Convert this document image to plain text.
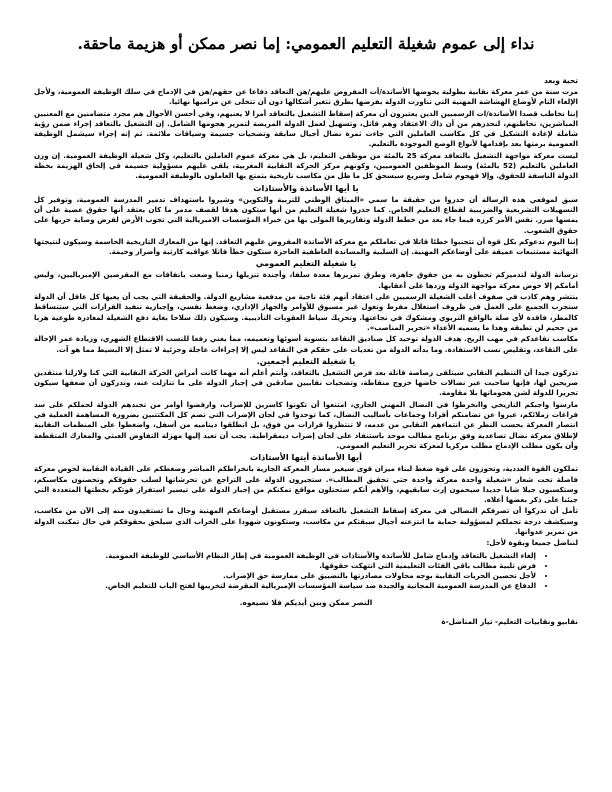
نداء إلى عموم شغيلة التعليم العمومي: إما نصر ممكن أو هزيمة ماحقة.
تحية وبعد

مرت سنة من عمر معركة نقابية بطولية يخوضها الأساتذة/أت المفروض عليهم/هن التعاقد دفاعا عن حقهم/هن في الإدماج في سلك الوظيفة العمومية، ولأجل الإلغاء التام لأوضاع الهشاشة المهنية التي تناورت الدولة بفرضها بطرق تتغير أشكالها دون أن تتخلى عن مراميها نهائيا.

إننا نخاطب قصدا الأساتذة/ات الرسميين الذين يعتبرون أن معركة إسقاط التشغيل بالتعاقد أمرا لا يعنيهم، وفي أحسن الأحوال هم مجرد متضامنين مع المعنيين المباشرين، نخاطبهم، لنحذرهم من أن ذاك الاعتقاد وهم قاتل، وتسهيل لعمل الدولة المريضة لتمرير هجومها الشامل. إن التشغيل بالتعاقد إجراء ضمن رؤية شاملة لإعادة التشكيل في كل مكاسب العاملين التي جاءت ثمرة نضال أجيال سابقة وتضحيات جسيمة وسياقات ملائمة. ثم إنه إجراء سيشمل الوظيفة العمومية برمتها بعد بإقدامها لأنواع الوضع الموجودة بالتعليم.

ليست معركة مواجهة التشغيل بالتعاقد معركة 25 بالمئة من موظفي التعليم، بل هي معركة عموم العاملين بالتعليم، وكل شغيلة الوظيفة العمومية. إن وزن العاملين بالتعليم (52 بالمئة) وسط الموظفين العموميين، وكونهم مركز الحركة النقابية المغربية، يلقي عليهم مسؤولية جسيمة في إلحاق الهزيمة بخطة الدولة الناسفة للحقوق. وإلا فهجوم شامل وسريع سيسحق كل ما ظل من مكاسب تاريخية يتمتع بها العاملون بالوظيفة العمومية.

يا أيها الأساتذة والأستاذات

سبق لموقعي هذه الرسالة أن حذروا من حقيقة ما سمي «الميثاق الوطني للتربية والتكوين» وشيروا باستهداف تدمير المدرسة العمومية، وتوفير كل التسهيلات التشريعية والضريبية لقطاع التعليم الخاص. كما حذروا شغيلة التعليم من أنها ستكون هدفا لقصف مدمر ما كان يعتقد أنها حقوق عصية على أن يمسها ضرر. نفس الأمر كرره فيما جاء بعد من خطط الدولة وتقاريرها المولى بها من خبراء المؤسسات الامبريالية التي تجوب الأرض لقرض وصاية حربها على حقوق الشعوب.

إننا اليوم ندعوكم بكل قوة أن تتجنبوا خطئا قاتلا في تعاملكم مع معركة الأساتذة المفروض عليهم التعاقد. إنها من المعارك التاريخية الحاسمة وسيكون لنتيجتها النهائية مستتبعات عميقة على أوضاعكم المهنية. إن السلبية والمساندة العاطفية العاجزة ستكون خطأ قاتلا عواقبه كارثية وأضرار وخيمة.

يا شغيلة التعليم العمومي

ترسانة الدولة لتدميركم تحطون به من حقوق جاهزة، وطرق تمريرها معدة سلفا، وأجندة تنزيلها زمنيا وضعت باتفاقات مع المقرضين الإمبرياليين، وليس أمامكم إلا خوض معركة مواجهة الدولة وردها على أعقابها.

ينتشر وهم كاذب في صفوف أغلب الشغيلة الرسميين على اعتقاد أنهم فئة ناجية من مدفعية مشاريع الدولة. والحقيقة التي يجب أن يعيها كل عاقل أن الدولة ستجرب الجميع على العمل في ظروف استغلال مفرط وتغول غير مسبوق للأوامر والجهاز الإداري، وضغط نفسي، وإجبارية تنفيذ القرارات التي ستتساقط كالمطر، فاقدة لأي صلة بالواقع التربوي ومشكوك في نجاعتها. وتحريك سياط العقوبات التأديبية. وسيكون ذلك سلاحا بغاية دفع الشغيلة لمغادرة طوعية هربا من جحيم لن تطيقه وهذا ما يسميه الأعداء «تحرير المناصب».

مكاسب تقاعدكم في مهب الريح. هدف الدولة توحيد كل صناديق التقاعد بتسوية أسوئها وتعميمه، مما يعني رفعا للنسب الاقتطاع الشهري، وزيادة عمر الإحالة على التقاعد، وتقليص نسب الاستفادة. وما بدأته الدولة من تعديات على حقكم في التقاعد ليس إلا إجراءات عاجلة وجزئية لا تمثل إلا البسيط مما هو آت.

يا شغيلة التعليم أجمعين.

تدركون جيدا أن التنظيم النقابي سيتلقى رصاصة قاتلة بعد فرض التشغيل بالتعاقد، وأنتم أعلم أنه مهما كانت أمراض الحركة النقابية التي كنا ولازلنا منتقدين صريحين لها، فإنها ساحبت عبر نضالات خاضها خروج منقاطة، وتضحيات نقابيين صادقين في إجبار الدولة على ما تنازلت عنه، وتدركون أن ضعفها سيكون تحريرا للدولة لشن هجوماتها بلا مقاومة.

مارسوا واجبكم التاريخي واانخرطوا في النضال المهني الجاري، امتنعوا أن تكونوا كاسرين للإضراب، وارفضوا أوامر من تجندهم الدولة لحملكم على سد فراغات زملائكم، عبروا عن تضامنكم أفرادا وجماعات بأساليب النضال، كما توحدوا في لجان الإضراب التي تضم كل المكتتبين بضرورة المساهمة العملية في انتصار المعركة بحسب النظر عن انتماءهم النقابي من عدمه، لا تنتظروا قرارات من فوق، بل انطلقوا ديناميه من أسفل، واضغطوا على المنظمات النقابية لإطلاق معركة نضال تصاعدية وفق برنامج مطالب موحد باستنفاد على لجان إضراب ديمقراطية. يجب أن تعيد إليها مهزلة التفاوض العبثي والمعارك المتقطعة وأن يكون مطلب الإدماج مطلب مركزيا لمعركة تحرير التعليم العمومي.

أيها الأساتذة أيتها الأستاذات

تملكون القوة العددية، وتحوزون على قوة ضغط لبناء ميزان قوى سيغير مسار المعركة الجارية بانخراطكم المباشر وضغطكم على القيادة النقابية لخوض معركة فاصلة تحت شعار «شغيلة واحدة معركة واحدة حتى تحقيق المطالب». ستجبرون الدولة على التراجع عن تحرشاتها لسلب حقوقكم وتحصنون مكاسبكم، وستكسبون جيلا شابا جديدا سيحمون إرث سابقيهم، والأهم أنكم ستحتلون مواقع تمكنكم من إجبار الدولة على تيسير استفراز قوتكم بخطتها المتعددة التي جيئنا على ذكر بعضها أعلاه.

تأمل أن تدركوا أن تصرفكم النضالي في معركة إسقاط التشغيل بالتعاقد سيقرر مستقبل أوضاعكم المهنية وحال ما تستفيدون منه إلى الآن من مكاسب، وسيكشف درجة تحملكم لمسؤولية حماية ما انتزعته أجيال سبقتكم من مكاسب، وستكونون شهودا على الخراب الذي سيلحق بحقوقكم في حال تمكنت الدولة من تمرير عدوانها.

لنناضل جميعا وبقوة لأجل:

• إلغاء التشغيل بالتعاقد وإدماج شامل للأساتذة والأستاذات في الوظيفة العمومية في إطار النظام الأساسي للوظيفة العمومية.
• فرض تلبية مطالب باقي الفئات التعليمية التي انتهكت حقوقها.
• لأجل تحصين الحريات النقابية بوجه محاولات مصادرتها بالتضييق على ممارسة حق الإضراب.
• الدفاع عن المدرسة العمومية المجانية والجيدة ضد سياسة المؤسسات الإمبريالية المقرضة لتخريبها لفتح الباب للتعليم الخاص.
النصر ممكن وبين أيديكم فلا تضيعوه.
نقابيو ونقابيات التعليم- تيار المناضل-ة
